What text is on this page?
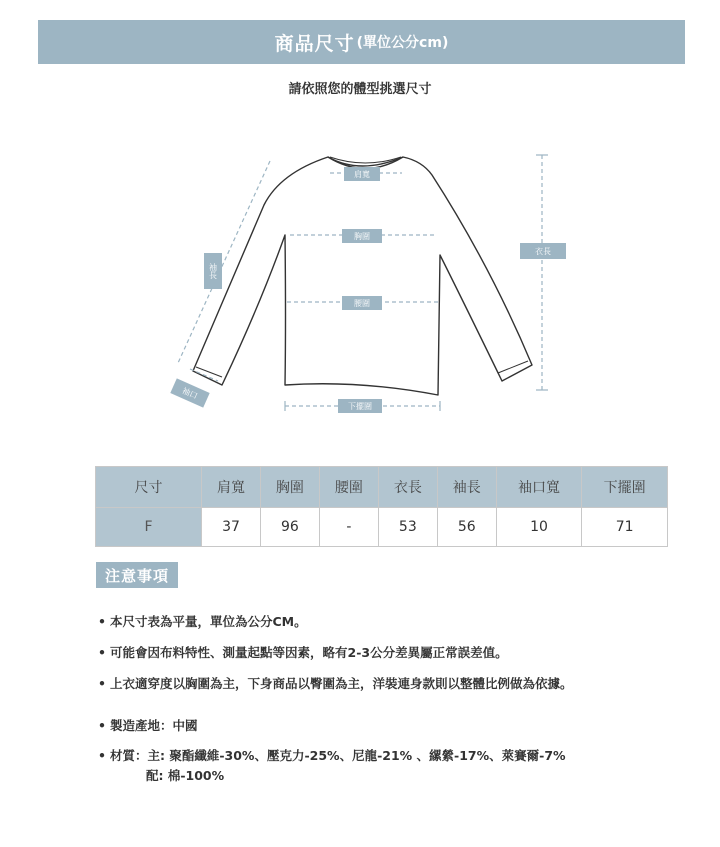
商品尺寸 (單位公分cm)
請依照您的體型挑選尺寸
肩寬
胸圍
腰圍
衣長
袖長
袖口
下擺圍
尺寸	肩寬	胸圍	腰圍	衣長	袖長	袖口寬	下擺圍
F	37	96	-	53	56	10	71
注意事項
• 本尺寸表為平量，單位為公分CM。
• 可能會因布料特性、測量起點等因素，略有2-3公分差異屬正常誤差值。
• 上衣適穿度以胸圍為主，下身商品以臀圍為主，洋裝連身款則以整體比例做為依據。
• 製造產地：中國
• 材質：主: 聚酯纖維-30%、壓克力-25%、尼龍-21% 、縲縈-17%、萊賽爾-7%
配: 棉-100%
